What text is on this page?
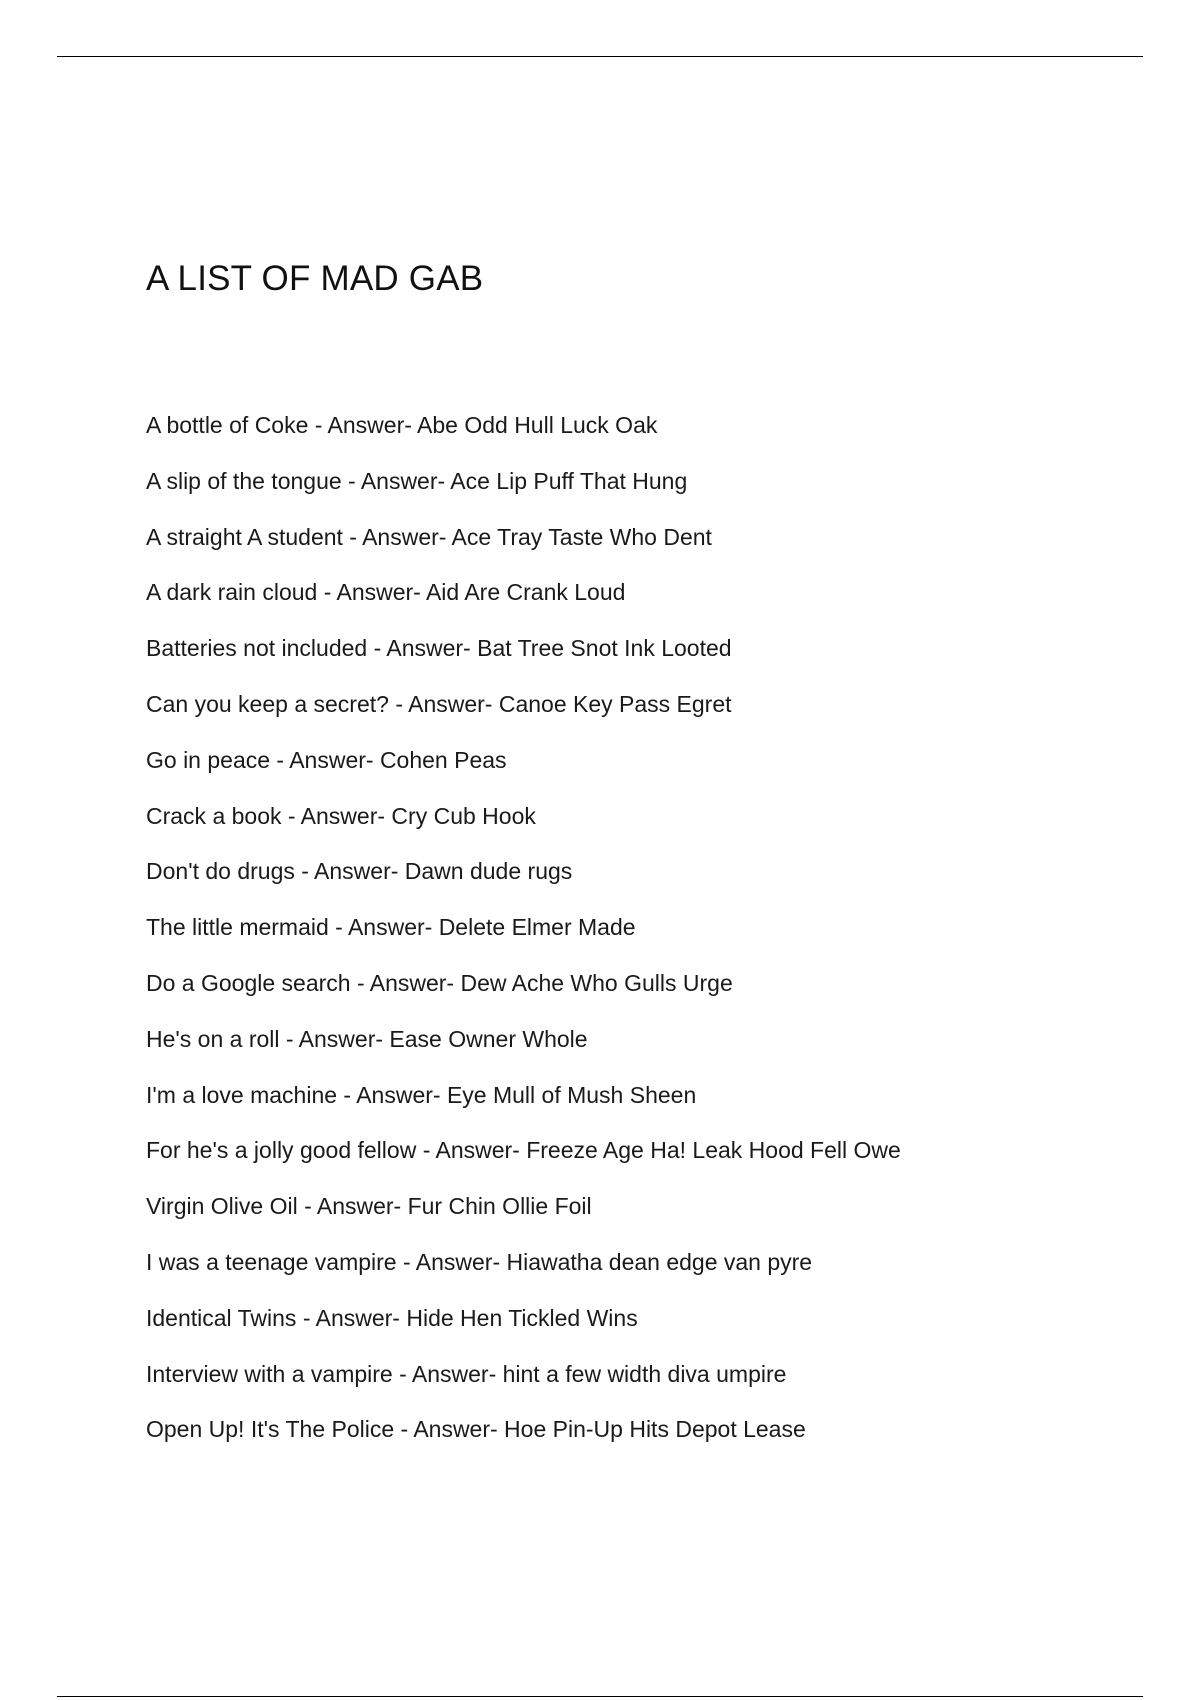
A LIST OF MAD GAB
A bottle of Coke - Answer- Abe Odd Hull Luck Oak
A slip of the tongue - Answer- Ace Lip Puff That Hung
A straight A student - Answer- Ace Tray Taste Who Dent
A dark rain cloud - Answer- Aid Are Crank Loud
Batteries not included - Answer- Bat Tree Snot Ink Looted
Can you keep a secret? - Answer- Canoe Key Pass Egret
Go in peace - Answer- Cohen Peas
Crack a book - Answer- Cry Cub Hook
Don't do drugs - Answer- Dawn dude rugs
The little mermaid - Answer- Delete Elmer Made
Do a Google search - Answer- Dew Ache Who Gulls Urge
He's on a roll - Answer- Ease Owner Whole
I'm a love machine - Answer- Eye Mull of Mush Sheen
For he's a jolly good fellow - Answer- Freeze Age Ha! Leak Hood Fell Owe
Virgin Olive Oil - Answer- Fur Chin Ollie Foil
I was a teenage vampire - Answer- Hiawatha dean edge van pyre
Identical Twins - Answer- Hide Hen Tickled Wins
Interview with a vampire - Answer- hint a few width diva umpire
Open Up! It's The Police - Answer- Hoe Pin-Up Hits Depot Lease
